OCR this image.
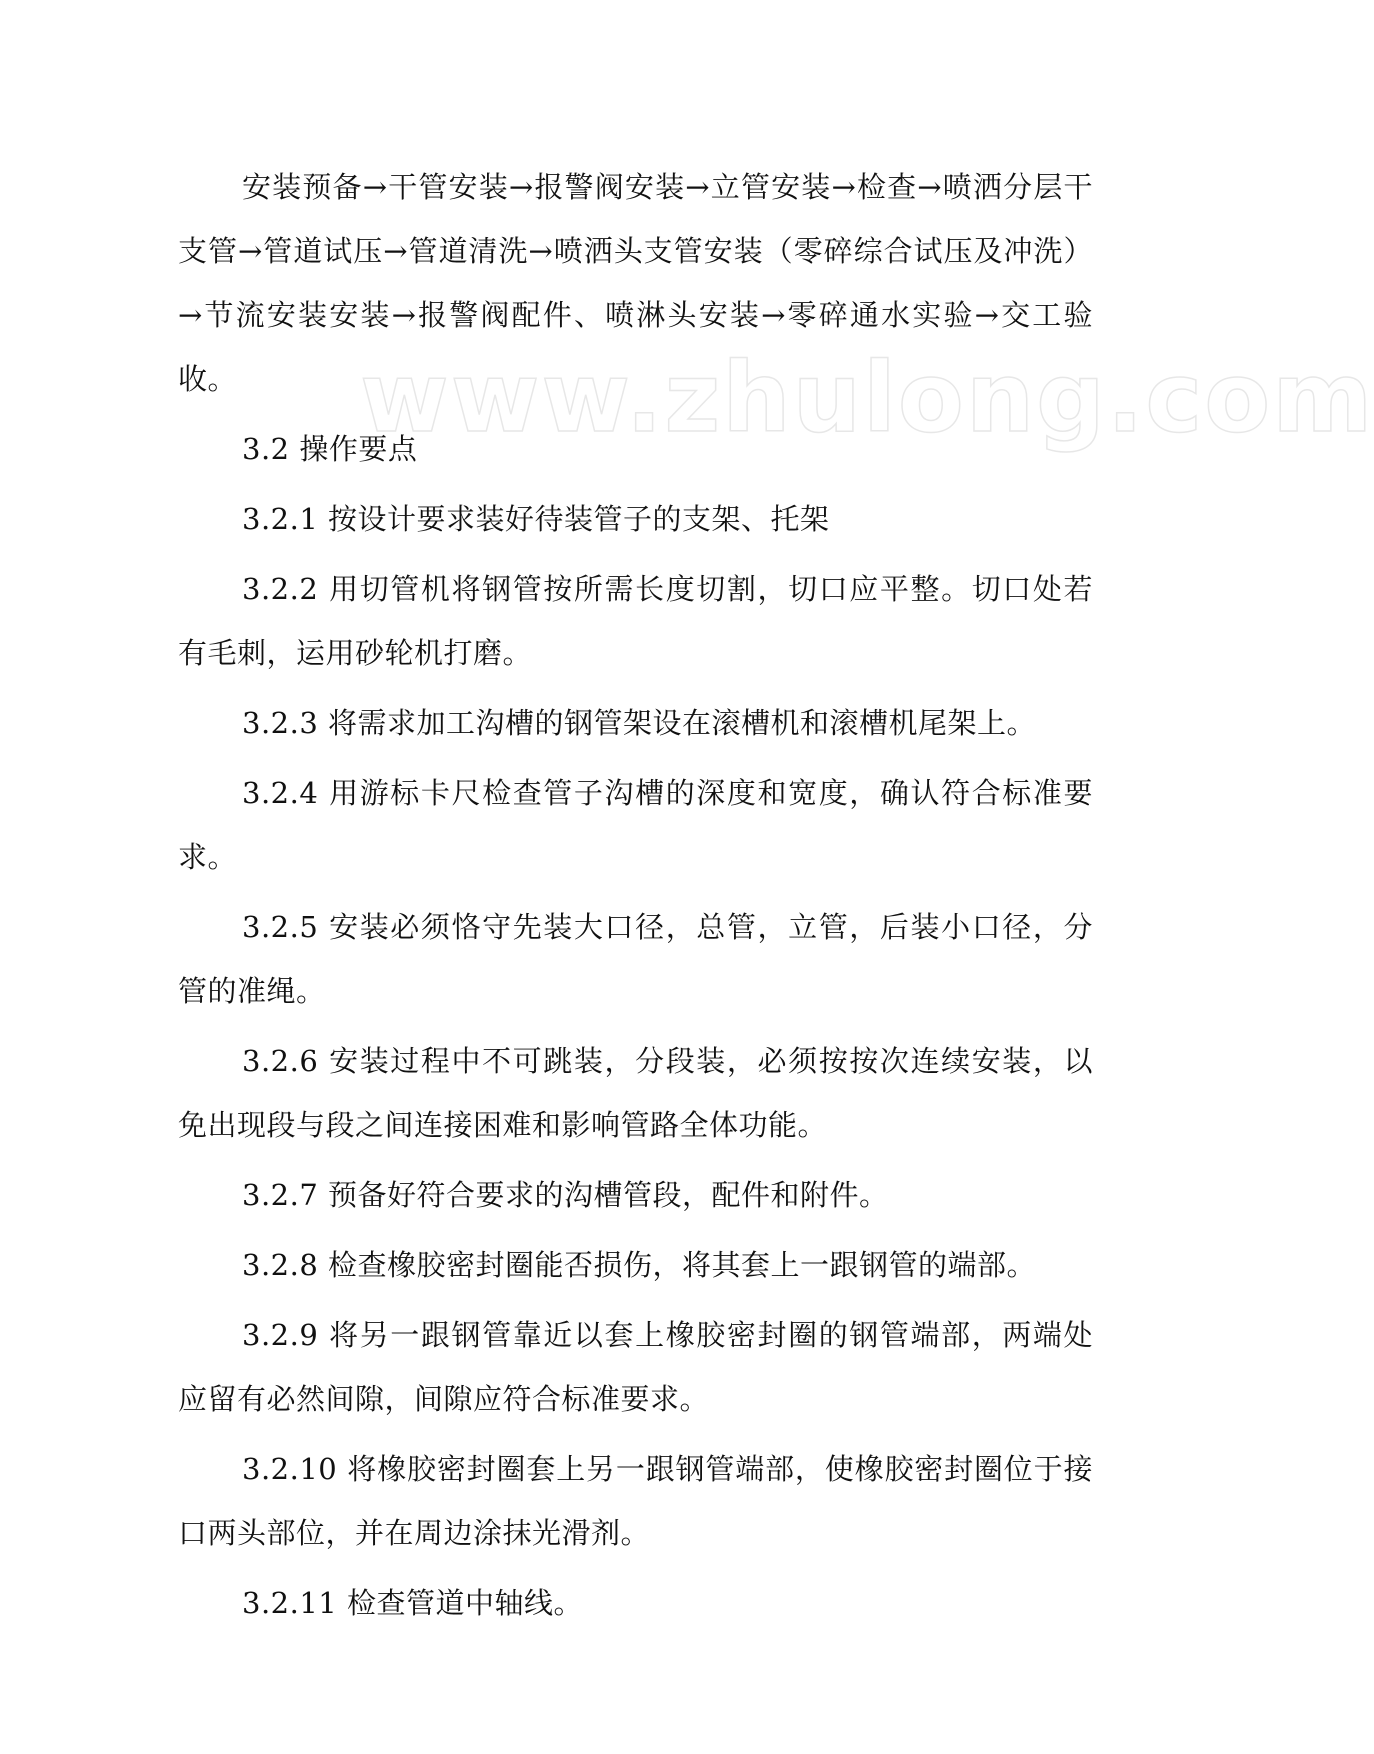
安装预备→干管安装→报警阀安装→立管安装→检查→喷洒分层干支管→管道试压→管道清洗→喷洒头支管安装（零碎综合试压及冲洗）→节流安装安装→报警阀配件、喷淋头安装→零碎通水实验→交工验收。

3.2 操作要点

3.2.1 按设计要求装好待装管子的支架、托架

3.2.2 用切管机将钢管按所需长度切割，切口应平整。切口处若有毛刺，运用砂轮机打磨。

3.2.3 将需求加工沟槽的钢管架设在滚槽机和滚槽机尾架上。

3.2.4 用游标卡尺检查管子沟槽的深度和宽度，确认符合标准要求。

3.2.5 安装必须恪守先装大口径，总管，立管，后装小口径，分管的准绳。

3.2.6 安装过程中不可跳装，分段装，必须按按次连续安装，以免出现段与段之间连接困难和影响管路全体功能。

3.2.7 预备好符合要求的沟槽管段，配件和附件。

3.2.8 检查橡胶密封圈能否损伤，将其套上一跟钢管的端部。

3.2.9 将另一跟钢管靠近以套上橡胶密封圈的钢管端部，两端处应留有必然间隙，间隙应符合标准要求。

3.2.10 将橡胶密封圈套上另一跟钢管端部，使橡胶密封圈位于接口两头部位，并在周边涂抹光滑剂。

3.2.11 检查管道中轴线。

www.zhulong.com
